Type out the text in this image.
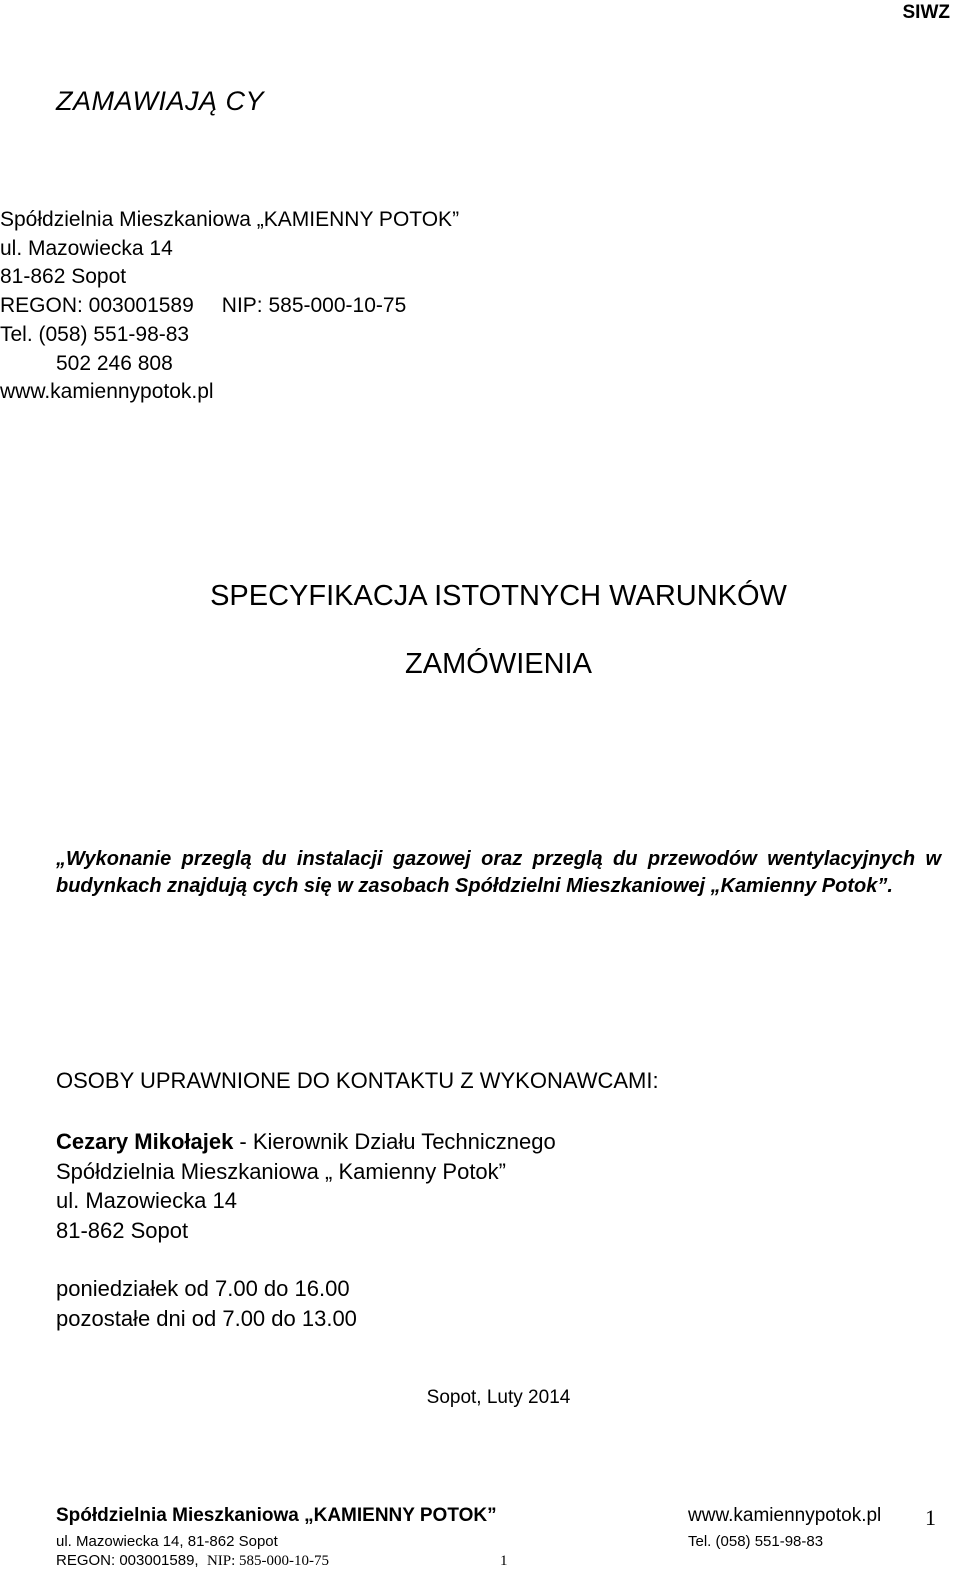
SIWZ
ZAMAWIAJĄ CY
Spółdzielnia Mieszkaniowa „KAMIENNY POTOK”
ul. Mazowiecka 14
81-862 Sopot
REGON: 003001589 NIP: 585-000-10-75
Tel. (058) 551-98-83
502 246 808
www.kamiennypotok.pl
SPECYFIKACJA ISTOTNYCH WARUNKÓW
ZAMÓWIENIA
„Wykonanie przeglą du instalacji gazowej oraz przeglą du przewodów wentylacyjnych w budynkach znajdują cych się w zasobach Spółdzielni Mieszkaniowej „Kamienny Potok”.
OSOBY UPRAWNIONE DO KONTAKTU Z WYKONAWCAMI:
Cezary Mikołajek - Kierownik Działu Technicznego
Spółdzielnia Mieszkaniowa „ Kamienny Potok”
ul. Mazowiecka 14
81-862 Sopot
poniedziałek od 7.00 do 16.00
pozostałe dni od 7.00 do 13.00
Sopot, Luty 2014
Spółdzielnia Mieszkaniowa „KAMIENNY POTOK”	www.kamiennypotok.pl 1
ul. Mazowiecka 14, 81-862 Sopot	Tel. (058) 551-98-83
REGON: 003001589, NIP: 585-000-10-75	1
